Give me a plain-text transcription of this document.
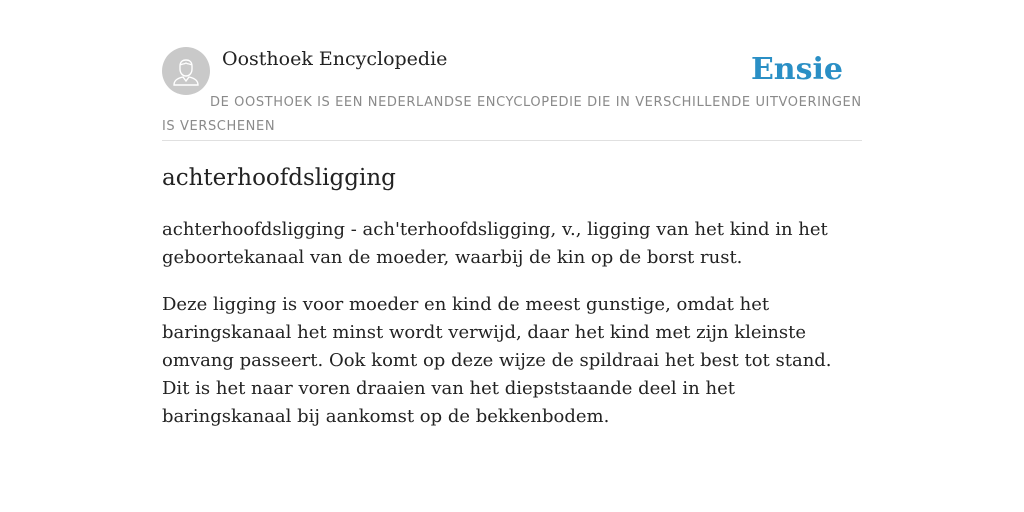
Oosthoek Encyclopedie	Ensie

DE OOSTHOEK IS EEN NEDERLANDSE ENCYCLOPEDIE DIE IN VERSCHILLENDE UITVOERINGEN IS VERSCHENEN

achterhoofdsligging

achterhoofdsligging - ach'terhoofdsligging, v., ligging van het kind in het geboortekanaal van de moeder, waarbij de kin op de borst rust.

Deze ligging is voor moeder en kind de meest gunstige, omdat het baringskanaal het minst wordt verwijd, daar het kind met zijn kleinste omvang passeert. Ook komt op deze wijze de spildraai het best tot stand. Dit is het naar voren draaien van het diepststaande deel in het baringskanaal bij aankomst op de bekkenbodem.
